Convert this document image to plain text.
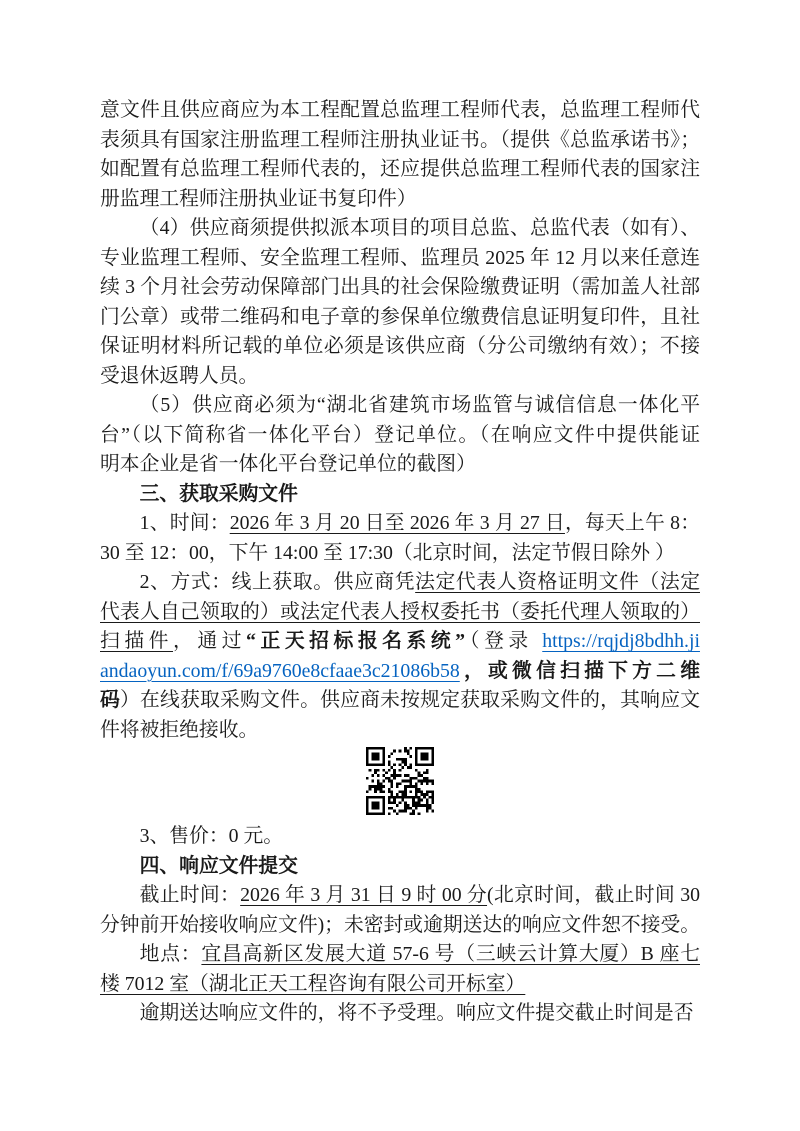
意文件且供应商应为本工程配置总监理工程师代表，总监理工程师代
表须具有国家注册监理工程师注册执业证书。（提供《总监承诺书》；
如配置有总监理工程师代表的，还应提供总监理工程师代表的国家注
册监理工程师注册执业证书复印件）
（4）供应商须提供拟派本项目的项目总监、总监代表（如有）、
专业监理工程师、安全监理工程师、监理员 2025 年 12 月以来任意连
续 3 个月社会劳动保障部门出具的社会保险缴费证明（需加盖人社部
门公章）或带二维码和电子章的参保单位缴费信息证明复印件，且社
保证明材料所记载的单位必须是该供应商（分公司缴纳有效）；不接
受退休返聘人员。
（5）供应商必须为“湖北省建筑市场监管与诚信信息一体化平
台”（以下简称省一体化平台）登记单位。（在响应文件中提供能证
明本企业是省一体化平台登记单位的截图）
三、获取采购文件
1、时间：2026 年 3 月 20 日至 2026 年 3 月 27 日，每天上午 8：
30 至 12：00，下午 14:00 至 17:30（北京时间，法定节假日除外 ）
2、方式：线上获取。供应商凭法定代表人资格证明文件（法定
代表人自己领取的）或法定代表人授权委托书（委托代理人领取的）
扫描件，通过“正天招标报名系统”（登录 https://rqjdj8bdhh.ji
andaoyun.com/f/69a9760e8cfaae3c21086b58，或微信扫描下方二维
码）在线获取采购文件。供应商未按规定获取采购文件的，其响应文
件将被拒绝接收。
3、售价：0 元。
四、响应文件提交
截止时间：2026 年 3 月 31 日 9 时 00 分(北京时间，截止时间 30
分钟前开始接收响应文件)；未密封或逾期送达的响应文件恕不接受。
地点：宜昌高新区发展大道 57-6 号（三峡云计算大厦）B 座七
楼 7012 室（湖北正天工程咨询有限公司开标室）
逾期送达响应文件的，将不予受理。响应文件提交截止时间是否
